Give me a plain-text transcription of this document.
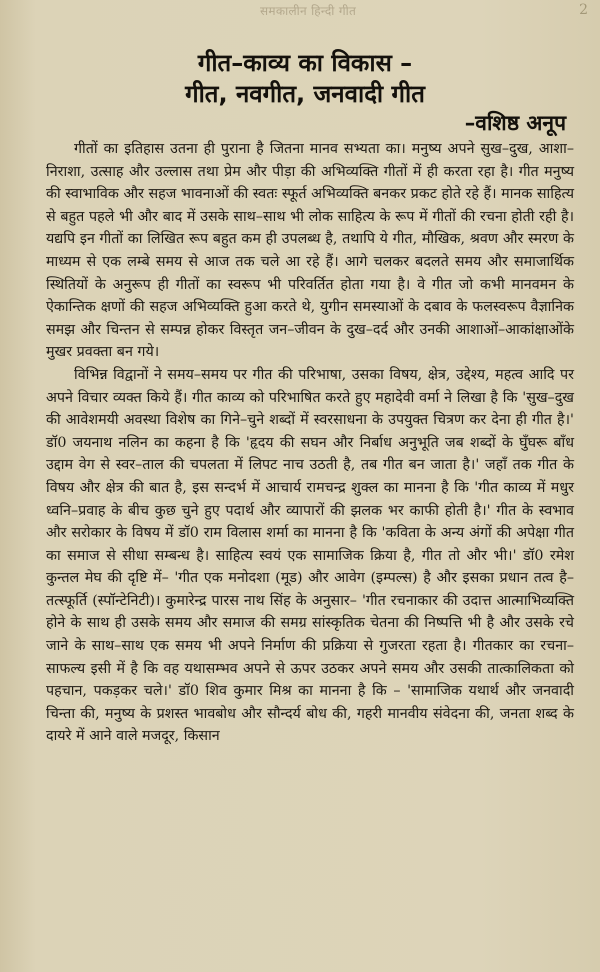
समकालीन हिन्दी गीत	2

गीत–काव्य का विकास –

गीत, नवगीत, जनवादी गीत

–वशिष्ठ अनूप

गीतों का इतिहास उतना ही पुराना है जितना मानव सभ्यता का। मनुष्य अपने सुख–दुख, आशा–निराशा, उत्साह और उल्लास तथा प्रेम और पीड़ा की अभिव्यक्ति गीतों में ही करता रहा है। गीत मनुष्य की स्वाभाविक और सहज भावनाओं की स्वतः स्फूर्त अभिव्यक्ति बनकर प्रकट होते रहे हैं। मानक साहित्य से बहुत पहले भी और बाद में उसके साथ–साथ भी लोक साहित्य के रूप में गीतों की रचना होती रही है। यद्यपि इन गीतों का लिखित रूप बहुत कम ही उपलब्ध है, तथापि ये गीत, मौखिक, श्रवण और स्मरण के माध्यम से एक लम्बे समय से आज तक चले आ रहे हैं। आगे चलकर बदलते समय और समाजार्थिक स्थितियों के अनुरूप ही गीतों का स्वरूप भी परिवर्तित होता गया है। वे गीत जो कभी मानवमन के ऐकान्तिक क्षणों की सहज अभिव्यक्ति हुआ करते थे, युगीन समस्याओं के दबाव के फलस्वरूप वैज्ञानिक समझ और चिन्तन से सम्पन्न होकर विस्तृत जन–जीवन के दुख–दर्द और उनकी आशाओं–आकांक्षाओंके मुखर प्रवक्ता बन गये।

विभिन्न विद्वानों ने समय–समय पर गीत की परिभाषा, उसका विषय, क्षेत्र, उद्देश्य, महत्व आदि पर अपने विचार व्यक्त किये हैं। गीत काव्य को परिभाषित करते हुए महादेवी वर्मा ने लिखा है कि 'सुख–दुख की आवेशमयी अवस्था विशेष का गिने–चुने शब्दों में स्वरसाधना के उपयुक्त चित्रण कर देना ही गीत है।' डॉ0 जयनाथ नलिन का कहना है कि 'हृदय की सघन और निर्बाध अनुभूति जब शब्दों के घुँघरू बाँध उद्दाम वेग से स्वर–ताल की चपलता में लिपट नाच उठती है, तब गीत बन जाता है।' जहाँ तक गीत के विषय और क्षेत्र की बात है, इस सन्दर्भ में आचार्य रामचन्द्र शुक्ल का मानना है कि 'गीत काव्य में मधुर ध्वनि–प्रवाह के बीच कुछ चुने हुए पदार्थ और व्यापारों की झलक भर काफी होती है।' गीत के स्वभाव और सरोकार के विषय में डॉ0 राम विलास शर्मा का मानना है कि 'कविता के अन्य अंगों की अपेक्षा गीत का समाज से सीधा सम्बन्ध है। साहित्य स्वयं एक सामाजिक क्रिया है, गीत तो और भी।' डॉ0 रमेश कुन्तल मेघ की दृष्टि में– 'गीत एक मनोदशा (मूड) और आवेग (इम्पल्स) है और इसका प्रधान तत्व है– तत्स्फूर्ति (स्पॉन्टेनिटी)। कुमारेन्द्र पारस नाथ सिंह के अनुसार– 'गीत रचनाकार की उदात्त आत्माभिव्यक्ति होने के साथ ही उसके समय और समाज की समग्र सांस्कृतिक चेतना की निष्पत्ति भी है और उसके रचे जाने के साथ–साथ एक समय भी अपने निर्माण की प्रक्रिया से गुजरता रहता है। गीतकार का रचना–साफल्य इसी में है कि वह यथासम्भव अपने से ऊपर उठकर अपने समय और उसकी तात्कालिकता को पहचान, पकड़कर चले।' डॉ0 शिव कुमार मिश्र का मानना है कि – 'सामाजिक यथार्थ और जनवादी चिन्ता की, मनुष्य के प्रशस्त भावबोध और सौन्दर्य बोध की, गहरी मानवीय संवेदना की, जनता शब्द के दायरे में आने वाले मजदूर, किसान
